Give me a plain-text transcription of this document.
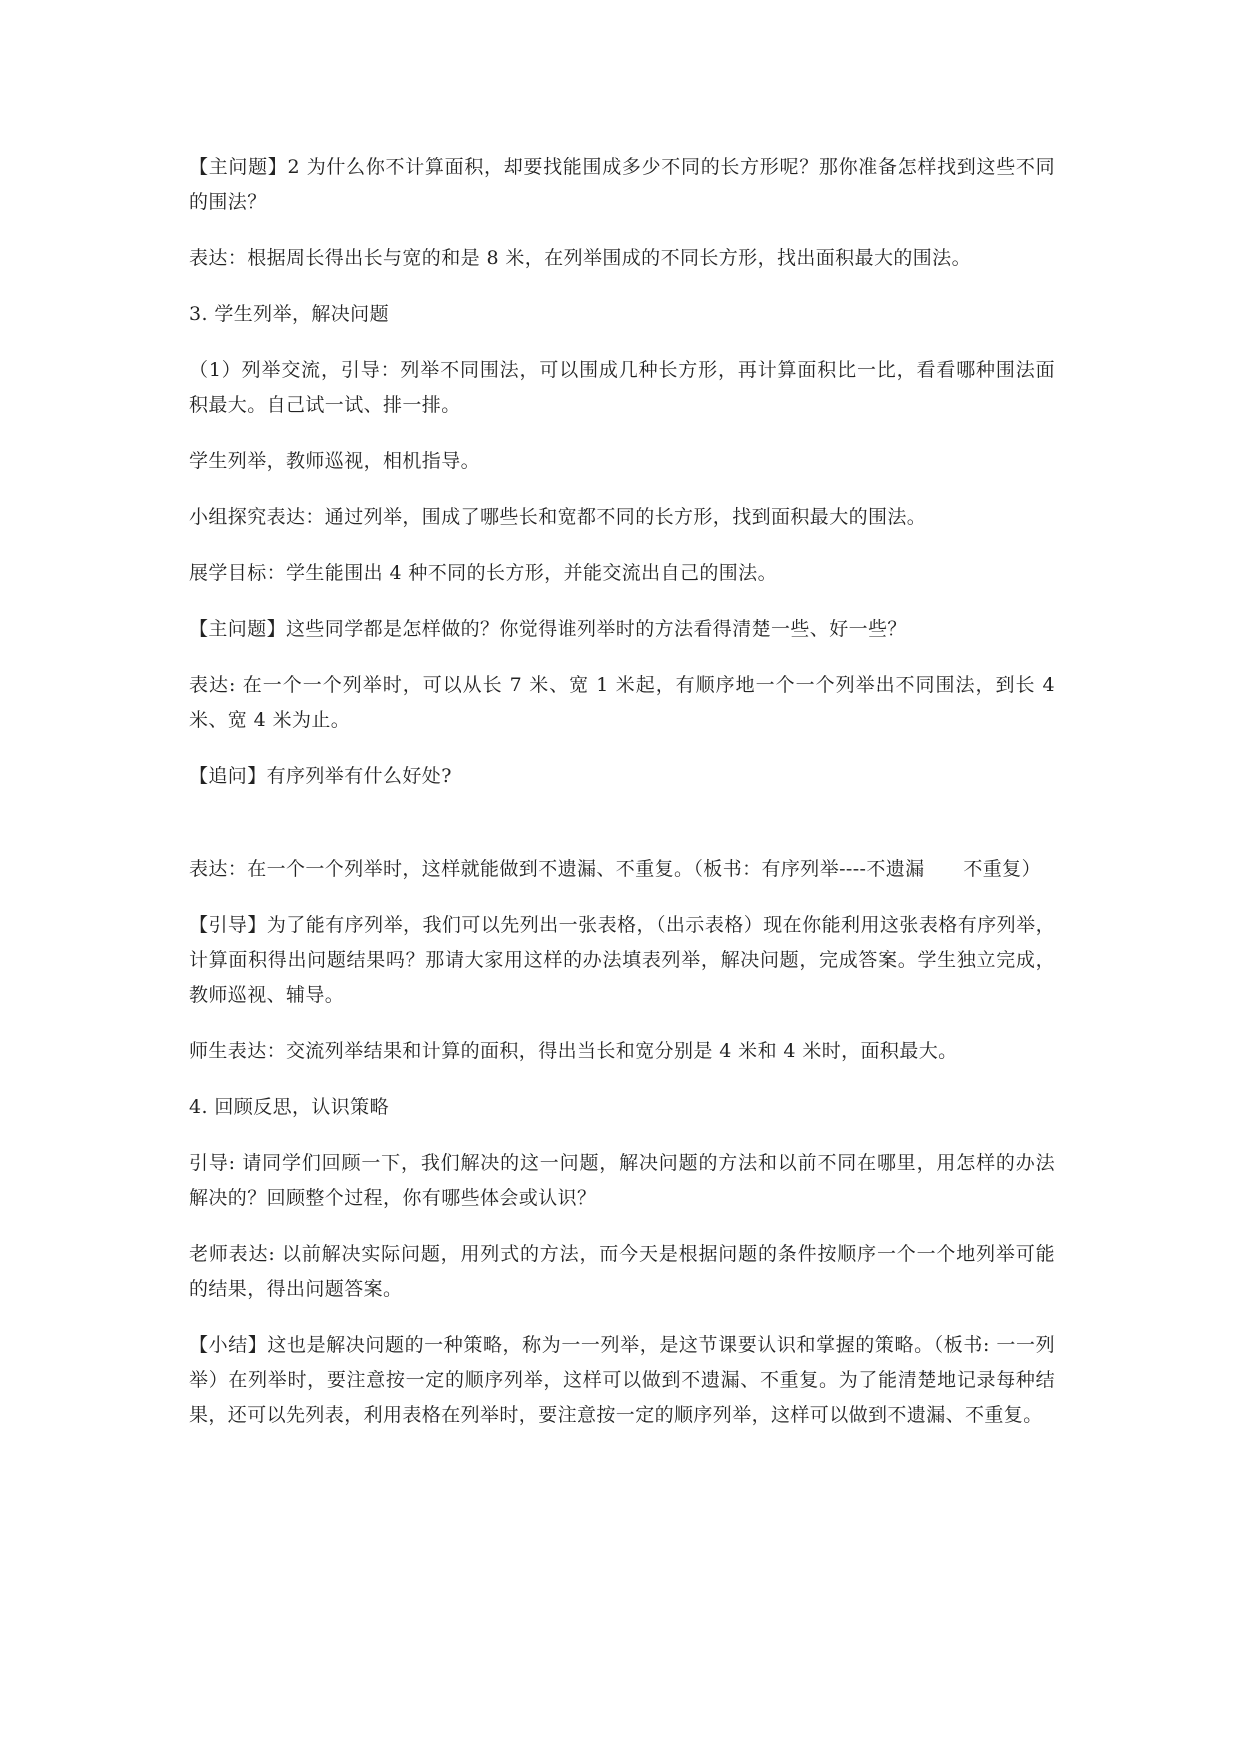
【主问题】2 为什么你不计算面积，却要找能围成多少不同的长方形呢？那你准备怎样找到这些不同的围法？

表达：根据周长得出长与宽的和是 8 米，在列举围成的不同长方形，找出面积最大的围法。

3. 学生列举，解决问题

（1）列举交流，引导：列举不同围法，可以围成几种长方形，再计算面积比一比，看看哪种围法面积最大。自己试一试、排一排。

学生列举，教师巡视，相机指导。

小组探究表达：通过列举，围成了哪些长和宽都不同的长方形，找到面积最大的围法。

展学目标：学生能围出 4 种不同的长方形，并能交流出自己的围法。

【主问题】这些同学都是怎样做的？你觉得谁列举时的方法看得清楚一些、好一些？

表达: 在一个一个列举时，可以从长 7 米、宽 1 米起，有顺序地一个一个列举出不同围法，到长 4 米、宽 4 米为止。

【追问】有序列举有什么好处?

表达：在一个一个列举时，这样就能做到不遗漏、不重复。（板书：有序列举----不遗漏　　不重复）

【引导】为了能有序列举，我们可以先列出一张表格，（出示表格）现在你能利用这张表格有序列举，计算面积得出问题结果吗？那请大家用这样的办法填表列举，解决问题，完成答案。学生独立完成，教师巡视、辅导。

师生表达：交流列举结果和计算的面积，得出当长和宽分别是 4 米和 4 米时，面积最大。

4. 回顾反思，认识策略

引导: 请同学们回顾一下，我们解决的这一问题，解决问题的方法和以前不同在哪里，用怎样的办法解决的？回顾整个过程，你有哪些体会或认识？

老师表达: 以前解决实际问题，用列式的方法，而今天是根据问题的条件按顺序一个一个地列举可能的结果，得出问题答案。

【小结】这也是解决问题的一种策略，称为一一列举，是这节课要认识和掌握的策略。（板书: 一一列举）在列举时，要注意按一定的顺序列举，这样可以做到不遗漏、不重复。为了能清楚地记录每种结果，还可以先列表，利用表格在列举时，要注意按一定的顺序列举，这样可以做到不遗漏、不重复。
